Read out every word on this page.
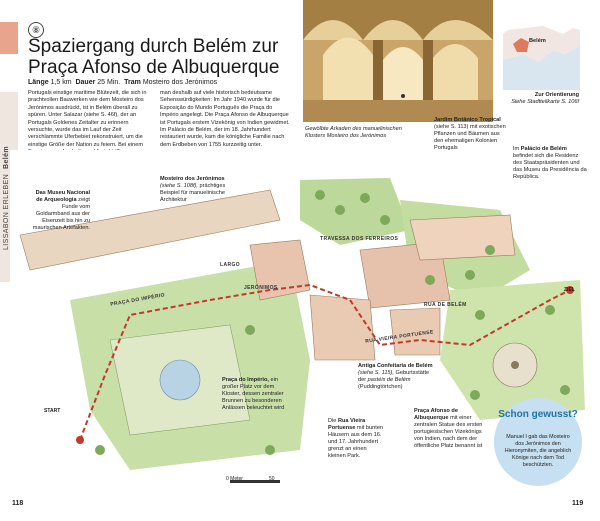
LISSABON ERLEBENBelém
⑧
Spaziergang durch Belém zur
Praça Afonso de Albuquerque
Länge 1,5 km Dauer 25 Min. Tram Mosteiro dos Jerónimos
Portugals einstige maritime Blütezeit, die sich in prachtvollen Bauwerken wie dem Mosteiro dos Jerónimos ausdrückt, ist in Belém überall zu spüren. Unter Salazar (siehe S. 46f), der an Portugals Goldenes Zeitalter zu erinnern versuchte, wurde das im Lauf der Zeit verschlammte Uferbebiet rekonstruiert, um die einstige Größe der Nation zu feiern. Bei einem
man deshalb auf viele historisch bedeutsame Sehenswürdigkeiten: Im Jahr 1940 wurde für die Exposição do Mundo Português die Praça do Império angelegt. Die Praça Afonso de Albuquerque ist Portugals erstem Vizekönig von Indien gewidmet. Im Palácio de Belém, der im 18. Jahrhundert restauriert wurde, kam die königliche Familie nach dem Erdbeben von 1755 kurzzeitig unter.
Gewölbte Arkaden des manuelinischen Klosters Mosteiro dos Jerónimos
Belém
Zur Orientierung
Siehe Stadtteilkarte S. 106f
LARGO
JERÓNIMOS
PRAÇA DO IMPÉRIO
TRAVESSA DOS FERREIROS
RUA VIEIRA PORTUENSE
RUA DE BELÉM
START
ZIEL
Das Museu Nacional de Arqueologia zeigt Funde vom Goldarmband aus der Eisenzeit bis hin zu maurischen Artefakten.
Mosteiro dos Jerónimos
(siehe S. 108f), prächtiges Beispiel für manuelinische Architektur
Jardim Botânico Tropical
(siehe S. 113) mit exotischen Pflanzen und Bäumen aus den ehemaligen Kolonien Portugals	Im Palácio de Belém befindet sich die Residenz des Staatspräsidenten und das Museu da Presidência da República.
Praça do Império, ein großer Platz vor dem Kloster, dessen zentraler Brunnen zu besonderen Anlässen beleuchtet wird
Antiga Confeitaria de Belém (siehe S. 115), Geburtsstätte der pastéis de Belém (Puddingtörtchen)
Die Rua Vieira Portuense mit bunten Häusern aus dem 16. und 17. Jahrhundert grenzt an einen kleinen Park.
Praça Afonso de Albuquerque mit einer zentralen Statue des ersten portugiesischen Vizekönigs von Indien, nach dem der öffentliche Platz benannt ist
0 Meter	50
Schon gewusst?
Manuel I gab das Mosteiro dos Jerónimos den Hieronymiten, die angeblich Könige nach dem Tod beschützten.
118	119
